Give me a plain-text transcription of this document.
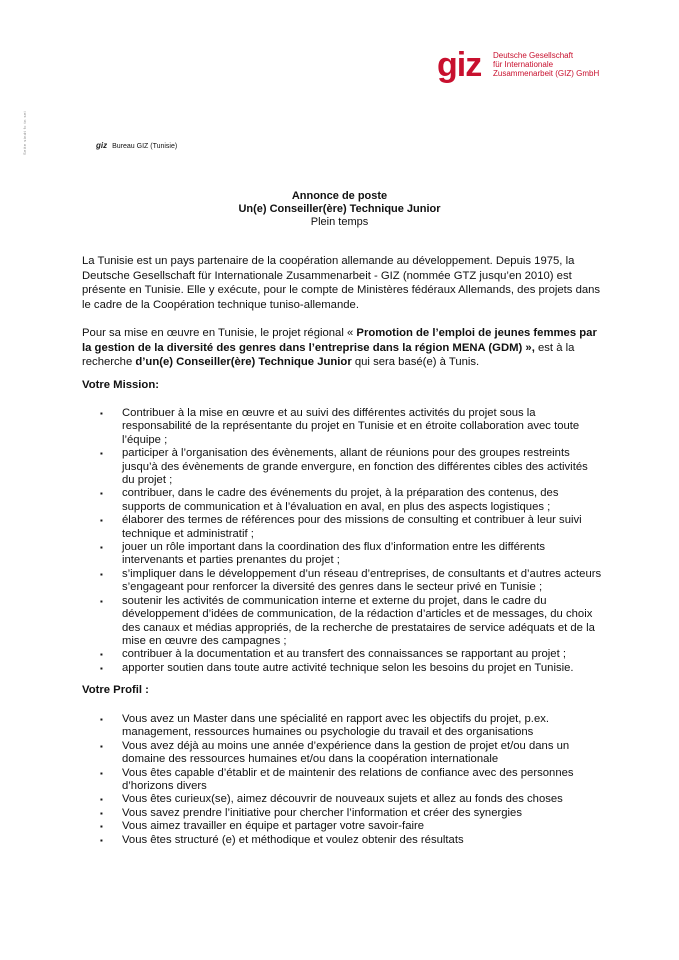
Seite sindt fc tn sei
giz Deutsche Gesellschaft
für Internationale
Zusammenarbeit (GIZ) GmbH
giz Bureau GIZ (Tunisie)
Annonce de poste
Un(e) Conseiller(ère) Technique Junior
Plein temps
La Tunisie est un pays partenaire de la coopération allemande au développement. Depuis 1975, la Deutsche Gesellschaft für Internationale Zusammenarbeit - GIZ (nommée GTZ jusqu’en 2010) est présente en Tunisie. Elle y exécute, pour le compte de Ministères fédéraux Allemands, des projets dans le cadre de la Coopération technique tuniso-allemande.
Pour sa mise en œuvre en Tunisie, le projet régional « Promotion de l’emploi de jeunes femmes par la gestion de la diversité des genres dans l’entreprise dans la région MENA (GDM) », est à la recherche d’un(e) Conseiller(ère) Technique Junior qui sera basé(e) à Tunis.
Votre Mission:
▪ Contribuer à la mise en œuvre et au suivi des différentes activités du projet sous la responsabilité de la représentante du projet en Tunisie et en étroite collaboration avec toute l’équipe ;
▪ participer à l’organisation des évènements, allant de réunions pour des groupes restreints jusqu’à des évènements de grande envergure, en fonction des différentes cibles des activités du projet ;
▪ contribuer, dans le cadre des événements du projet, à la préparation des contenus, des supports de communication et à l’évaluation en aval, en plus des aspects logistiques ;
▪ élaborer des termes de références pour des missions de consulting et contribuer à leur suivi technique et administratif ;
▪ jouer un rôle important dans la coordination des flux d’information entre les différents intervenants et parties prenantes du projet ;
▪ s’impliquer dans le développement d’un réseau d’entreprises, de consultants et d’autres acteurs s’engageant pour renforcer la diversité des genres dans le secteur privé en Tunisie ;
▪ soutenir les activités de communication interne et externe du projet, dans le cadre du développement d’idées de communication, de la rédaction d’articles et de messages, du choix des canaux et médias appropriés, de la recherche de prestataires de service adéquats et de la mise en œuvre des campagnes ;
▪ contribuer à la documentation et au transfert des connaissances se rapportant au projet ;
▪ apporter soutien dans toute autre activité technique selon les besoins du projet en Tunisie.
Votre Profil :
▪ Vous avez un Master dans une spécialité en rapport avec les objectifs du projet, p.ex. management, ressources humaines ou psychologie du travail et des organisations
▪ Vous avez déjà au moins une année d’expérience dans la gestion de projet et/ou dans un domaine des ressources humaines et/ou dans la coopération internationale
▪ Vous êtes capable d’établir et de maintenir des relations de confiance avec des personnes d’horizons divers
▪ Vous êtes curieux(se), aimez découvrir de nouveaux sujets et allez au fonds des choses
▪ Vous savez prendre l’initiative pour chercher l’information et créer des synergies
▪ Vous aimez travailler en équipe et partager votre savoir-faire
▪ Vous êtes structuré (e) et méthodique et voulez obtenir des résultats
